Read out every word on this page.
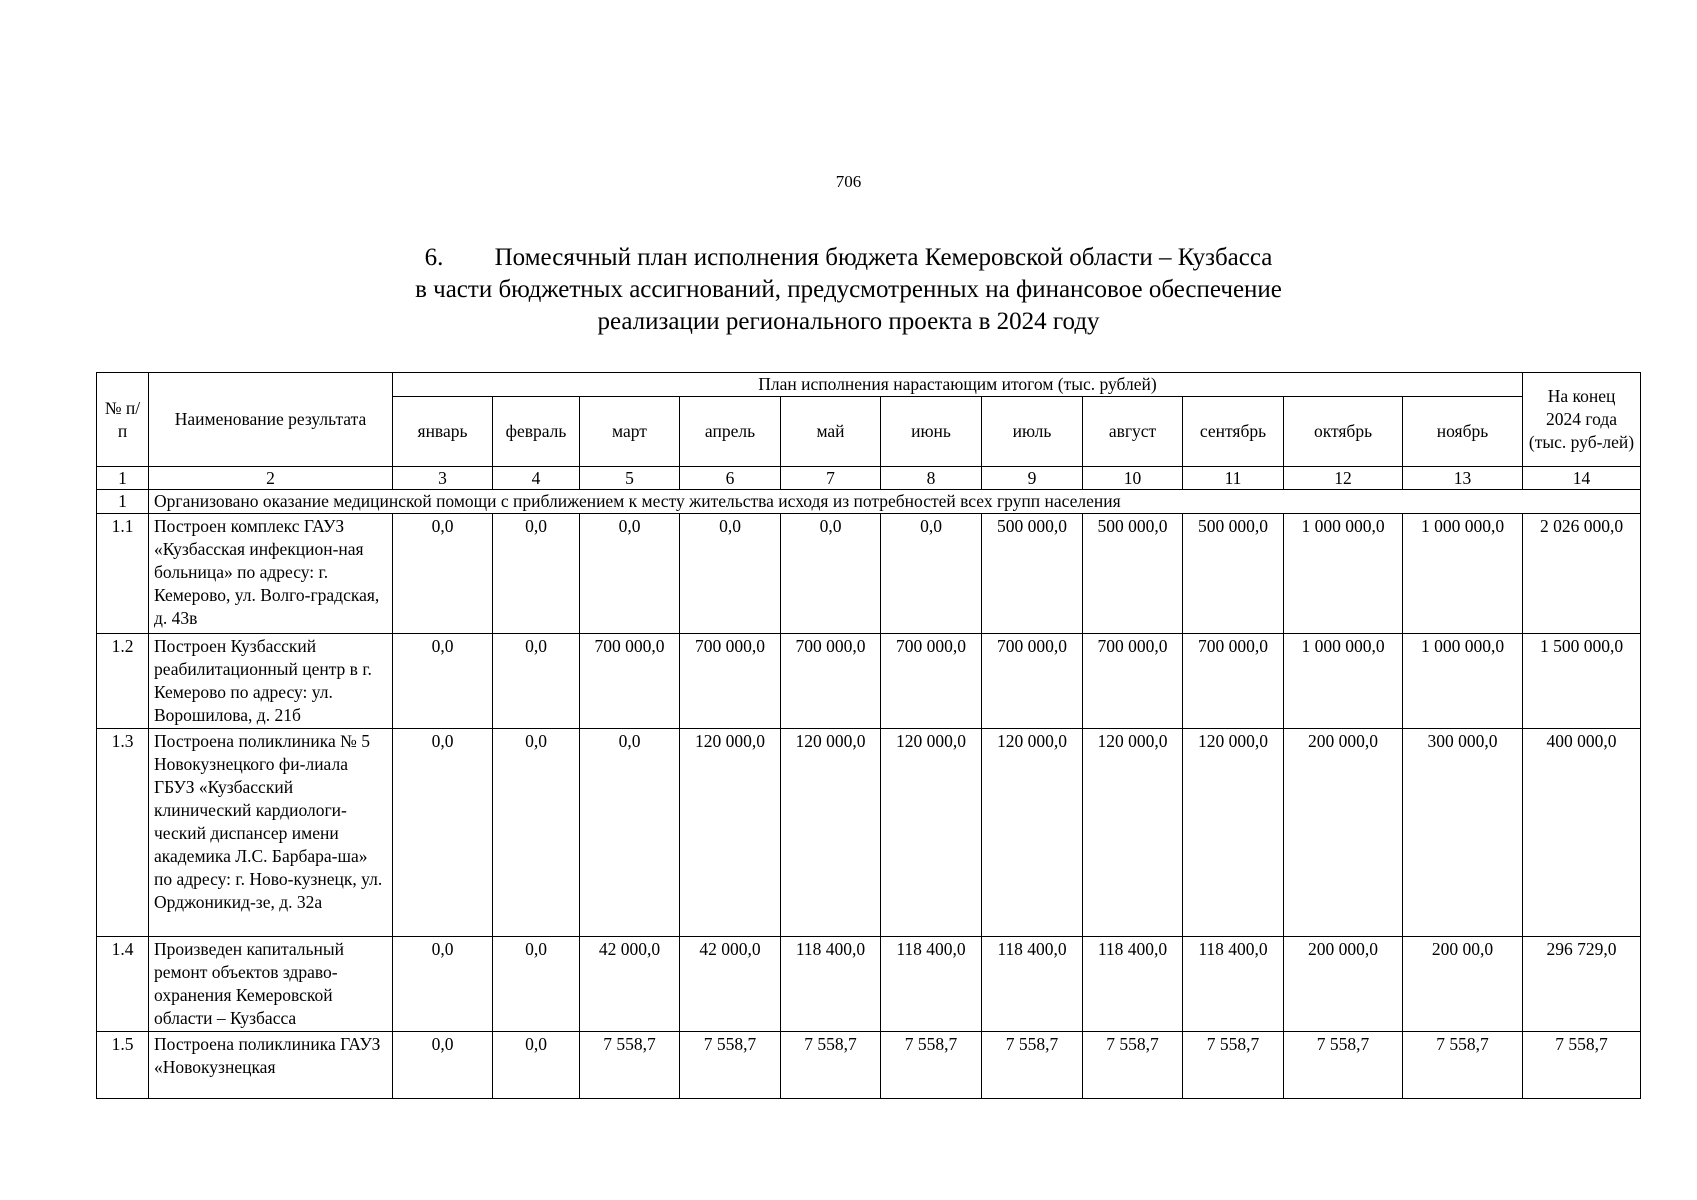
706
6. Помесячный план исполнения бюджета Кемеровской области – Кузбасса
в части бюджетных ассигнований, предусмотренных на финансовое обеспечение
реализации регионального проекта в 2024 году
№ п/п	Наименование результата	План исполнения нарастающим итогом (тыс. рублей)											На конец 2024 года (тыс. руб-лей)
		январь	февраль	март	апрель	май	июнь	июль	август	сентябрь	октябрь	ноябрь	
1	2	3	4	5	6	7	8	9	10	11	12	13	14
1	Организовано оказание медицинской помощи с приближением к месту жительства исходя из потребностей всех групп населения												
1.1	Построен комплекс ГАУЗ «Кузбасская инфекцион-ная больница» по адресу: г. Кемерово, ул. Волго-градская, д. 43в	0,0	0,0	0,0	0,0	0,0	0,0	500 000,0	500 000,0	500 000,0	1 000 000,0	1 000 000,0	2 026 000,0
1.2	Построен Кузбасский реабилитационный центр в г. Кемерово по адресу: ул. Ворошилова, д. 21б	0,0	0,0	700 000,0	700 000,0	700 000,0	700 000,0	700 000,0	700 000,0	700 000,0	1 000 000,0	1 000 000,0	1 500 000,0
1.3	Построена поликлиника № 5 Новокузнецкого фи-лиала ГБУЗ «Кузбасский клинический кардиологи-ческий диспансер имени академика Л.С. Барбара-ша» по адресу: г. Ново-кузнецк, ул. Орджоникид-зе, д. 32а	0,0	0,0	0,0	120 000,0	120 000,0	120 000,0	120 000,0	120 000,0	120 000,0	200 000,0	300 000,0	400 000,0
1.4	Произведен капитальный ремонт объектов здраво-охранения Кемеровской области – Кузбасса	0,0	0,0	42 000,0	42 000,0	118 400,0	118 400,0	118 400,0	118 400,0	118 400,0	200 000,0	200 00,0	296 729,0
1.5	Построена поликлиника ГАУЗ «Новокузнецкая	0,0	0,0	7 558,7	7 558,7	7 558,7	7 558,7	7 558,7	7 558,7	7 558,7	7 558,7	7 558,7	7 558,7
